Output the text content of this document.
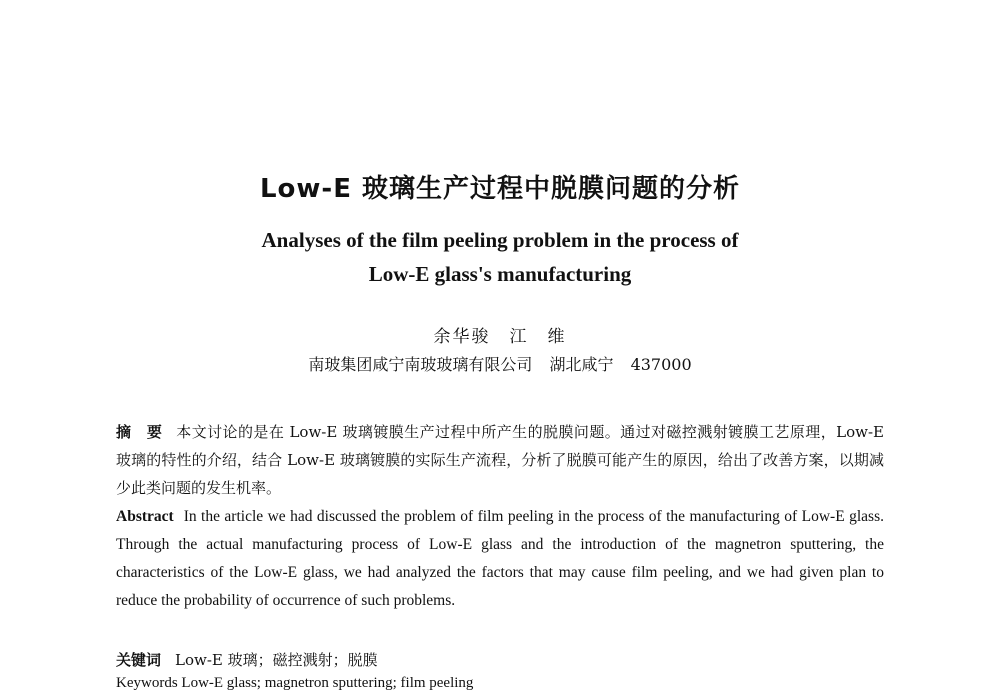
Low-E 玻璃生产过程中脱膜问题的分析
Analyses of the film peeling problem in the process of
Low-E glass's manufacturing
余华骏　江　维
南玻集团咸宁南玻玻璃有限公司 湖北咸宁 437000
摘　要 本文讨论的是在 Low-E 玻璃镀膜生产过程中所产生的脱膜问题。通过对磁控溅射镀膜工艺原理，Low-E 玻璃的特性的介绍，结合 Low-E 玻璃镀膜的实际生产流程，分析了脱膜可能产生的原因，给出了改善方案，以期减少此类问题的发生机率。
Abstract In the article we had discussed the problem of film peeling in the process of the manufacturing of Low-E glass. Through the actual manufacturing process of Low-E glass and the introduction of the magnetron sputtering, the characteristics of the Low-E glass, we had analyzed the factors that may cause film peeling, and we had given plan to reduce the probability of occurrence of such problems.
关键词 Low-E 玻璃；磁控溅射；脱膜
Keywords Low-E glass; magnetron sputtering; film peeling
